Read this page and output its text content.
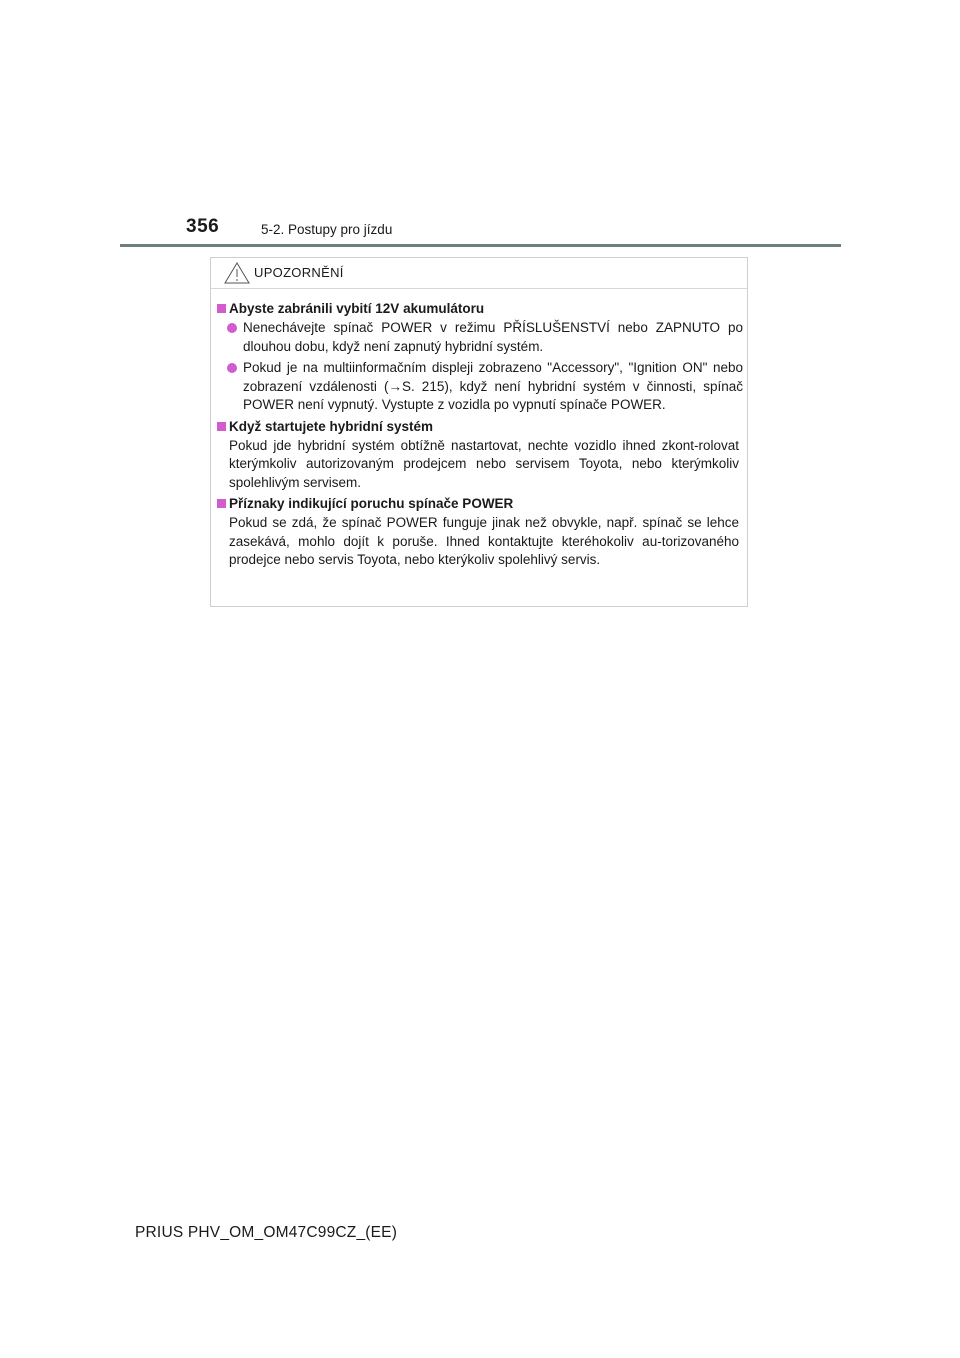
356	5-2. Postupy pro jízdu
UPOZORNĚNÍ
Abyste zabránili vybití 12V akumulátoru
Nenechávejte spínač POWER v režimu PŘÍSLUŠENSTVÍ nebo ZAPNUTO po dlouhou dobu, když není zapnutý hybridní systém.
Pokud je na multiinformačním displeji zobrazeno "Accessory", "Ignition ON" nebo zobrazení vzdálenosti (→S. 215), když není hybridní systém v činnosti, spínač POWER není vypnutý. Vystupte z vozidla po vypnutí spínače POWER.
Když startujete hybridní systém
Pokud jde hybridní systém obtížně nastartovat, nechte vozidlo ihned zkont-rolovat kterýmkoliv autorizovaným prodejcem nebo servisem Toyota, nebo kterýmkoliv spolehlivým servisem.
Příznaky indikující poruchu spínače POWER
Pokud se zdá, že spínač POWER funguje jinak než obvykle, např. spínač se lehce zasekává, mohlo dojít k poruše. Ihned kontaktujte kteréhokoliv au-torizovaného prodejce nebo servis Toyota, nebo kterýkoliv spolehlivý servis.
PRIUS PHV_OM_OM47C99CZ_(EE)
